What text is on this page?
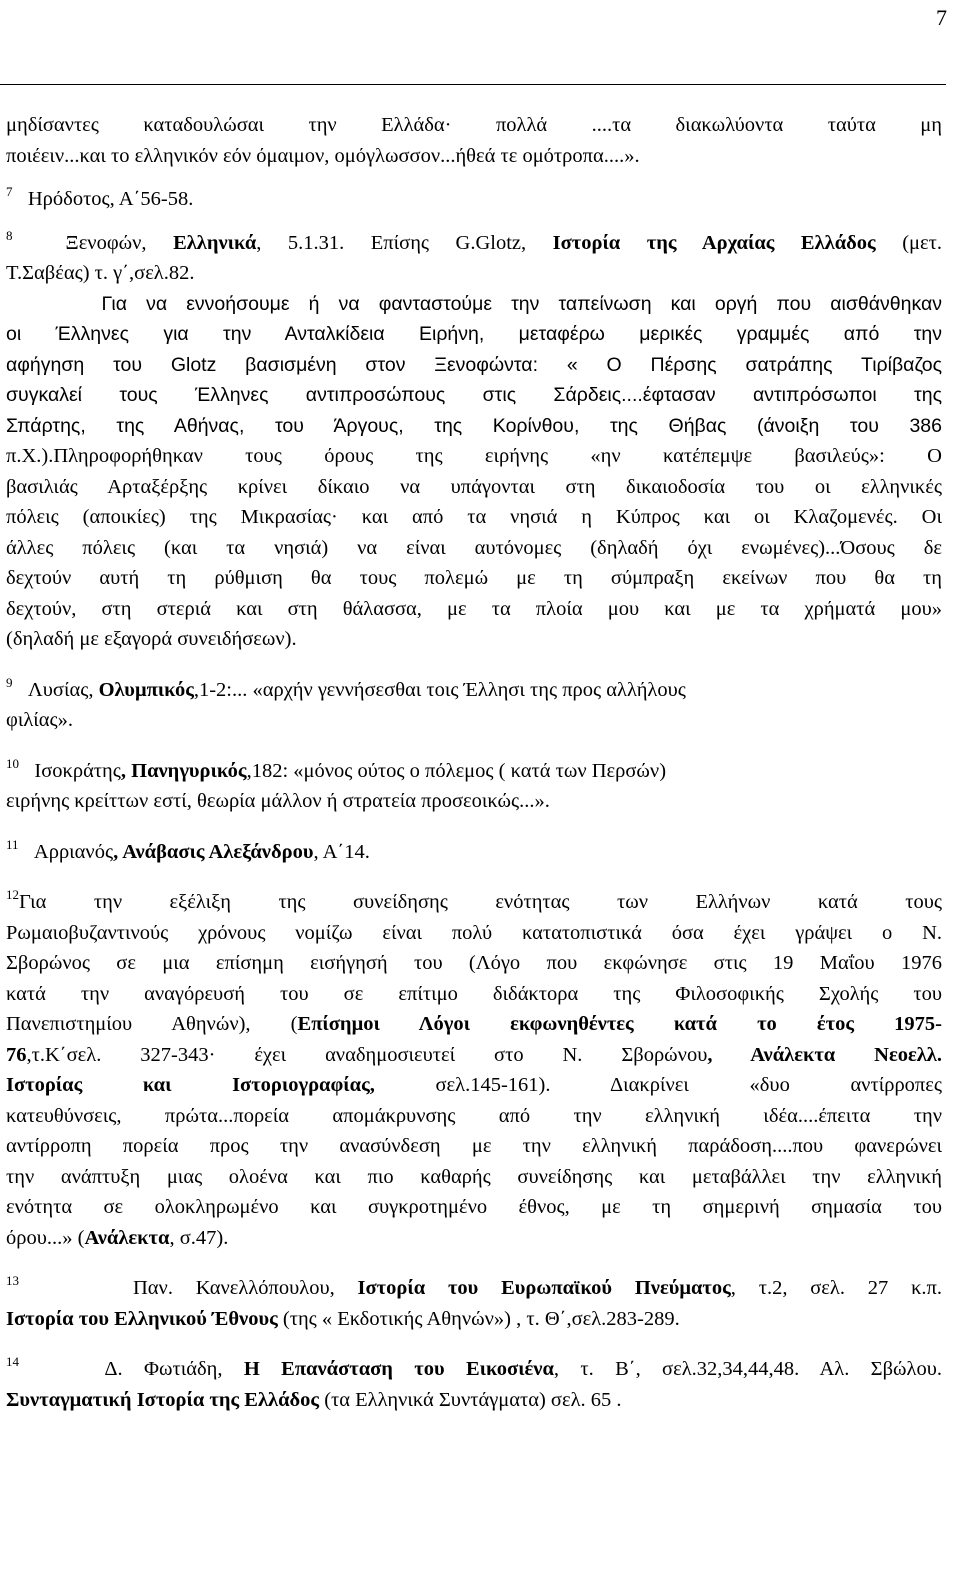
7

μηδίσαντες καταδουλώσαι την Ελλάδα· πολλά ....τα διακωλύοντα ταύτα μη

ποιέειν...και το ελληνικόν εόν όμαιμον, ομόγλωσσον...ήθεά τε ομότροπα....».

$^7$ Ηρόδοτος, Α΄56-58.

$^8$	Ξενοφών, Ελληνικά, 5.1.31. Επίσης G.Glotz, Ιστορία της Αρχαίας Ελλάδος (μετ.
Τ.Σαβέας) τ. γ΄,σελ.82.
Για να εννοήσουμε ή να φανταστούμε την ταπείνωση και οργή που αισθάνθηκαν
οι Έλληνες για την Ανταλκίδεια Ειρήνη, μεταφέρω μερικές γραμμές από την
αφήγηση του Glotz βασισμένη στον Ξενοφώντα: « Ο Πέρσης σατράπης Τιρίβαζος
συγκαλεί τους Έλληνες αντιπροσώπους στις Σάρδεις....έφτασαν αντιπρόσωποι της
Σπάρτης, της Αθήνας, του Άργους, της Κορίνθου, της Θήβας (άνοιξη του 386
π.Χ.).Πληροφορήθηκαν τους όρους της ειρήνης «ην κατέπεμψε βασιλεύς»: Ο
βασιλιάς Αρταξέρξης κρίνει δίκαιο να υπάγονται στη δικαιοδοσία του οι ελληνικές
πόλεις (αποικίες) της Μικρασίας· και από τα νησιά η Κύπρος και οι Κλαζομενές. Οι
άλλες πόλεις (και τα νησιά) να είναι αυτόνομες (δηλαδή όχι ενωμένες)...Όσους δε
δεχτούν αυτή τη ρύθμιση θα τους πολεμώ με τη σύμπραξη εκείνων που θα τη
δεχτούν, στη στεριά και στη θάλασσα, με τα πλοία μου και με τα χρήματά μου»
(δηλαδή με εξαγορά συνειδήσεων).
$^9$ Λυσίας, Ολυμπικός,1-2:... «αρχήν γεννήσεσθαι τοις Έλλησι της προς αλλήλους
φιλίας».
$^{10}$ Ισοκράτης, Πανηγυρικός,182: «μόνος ούτος ο πόλεμος ( κατά των Περσών)
ειρήνης κρείττων εστί, θεωρία μάλλον ή στρατεία προσεοικώς...».
$^{11}$ Αρριανός, Ανάβασις Αλεξάνδρου, Α΄14.
$^{12}$Για την εξέλιξη της συνείδησης ενότητας των Ελλήνων κατά τους
Ρωμαιοβυζαντινούς χρόνους νομίζω είναι πολύ κατατοπιστικά όσα έχει γράψει ο Ν.
Σβορώνος σε μια επίσημη εισήγησή του (Λόγο που εκφώνησε στις 19 Μαΐου 1976
κατά την αναγόρευσή του σε επίτιμο διδάκτορα της Φιλοσοφικής Σχολής του
Πανεπιστημίου Αθηνών), (Επίσημοι Λόγοι εκφωνηθέντες κατά το έτος 1975-
76,τ.Κ΄σελ. 327-343· έχει αναδημοσιευτεί στο Ν. Σβορώνου, Ανάλεκτα Νεοελλ.
Ιστορίας και Ιστοριογραφίας, σελ.145-161). Διακρίνει «δυο αντίρροπες
κατευθύνσεις, πρώτα...πορεία απομάκρυνσης από την ελληνική ιδέα....έπειτα την
αντίρροπη πορεία προς την ανασύνδεση με την ελληνική παράδοση....που φανερώνει
την ανάπτυξη μιας ολοένα και πιο καθαρής συνείδησης και μεταβάλλει την ελληνική
ενότητα σε ολοκληρωμένο και συγκροτημένο έθνος, με τη σημερινή σημασία του
όρου...» (Ανάλεκτα, σ.47).
$^{13}$	Παν. Κανελλόπουλου, Ιστορία του Ευρωπαϊκού Πνεύματος, τ.2, σελ. 27 κ.π.
Ιστορία του Ελληνικού Έθνους (της « Εκδοτικής Αθηνών») , τ. Θ΄,σελ.283-289.
$^{14}$	Δ. Φωτιάδη, Η Επανάσταση του Εικοσιένα, τ. Β΄, σελ.32,34,44,48. Αλ. Σβώλου.
Συνταγματική Ιστορία της Ελλάδος (τα Ελληνικά Συντάγματα) σελ. 65 .
